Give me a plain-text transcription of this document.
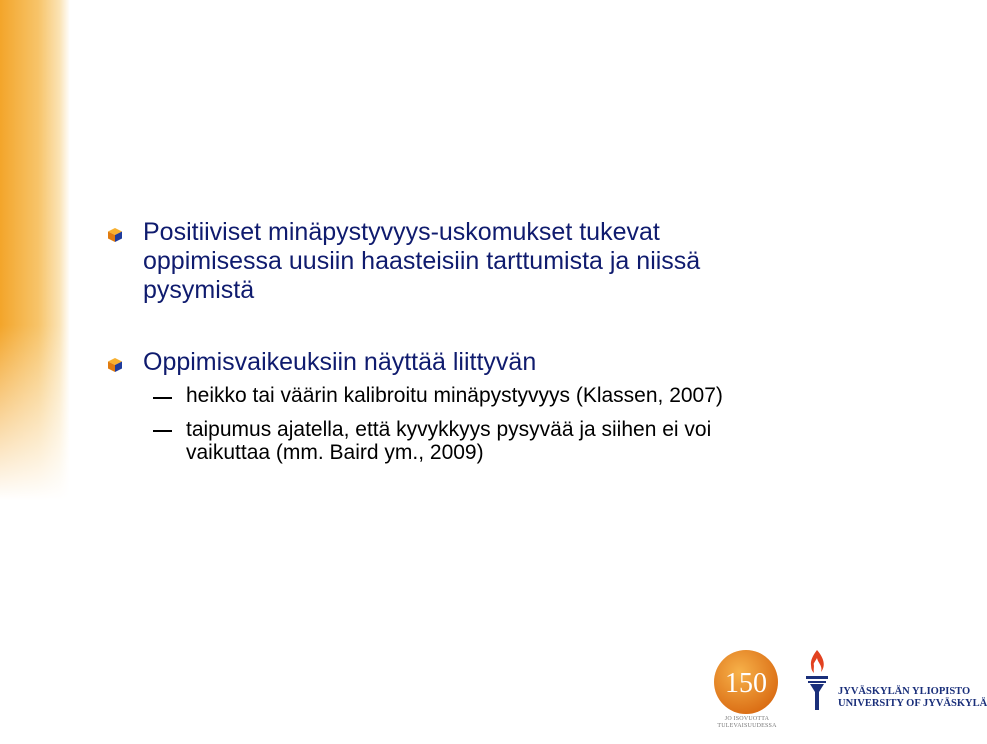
Positiiviset minäpystyvyys-uskomukset tukevat
oppimisessa uusiin haasteisiin tarttumista ja niissä
pysymistä
Oppimisvaikeuksiin näyttää liittyvän
heikko tai väärin kalibroitu minäpystyvyys (Klassen, 2007)
taipumus ajatella, että kyvykkyys pysyvää ja siihen ei voi
vaikuttaa (mm. Baird ym., 2009)
150
JO ISOVUOTTA
TULEVAISUUDESSA
JYVÄSKYLÄN YLIOPISTO
UNIVERSITY OF JYVÄSKYLÄ
